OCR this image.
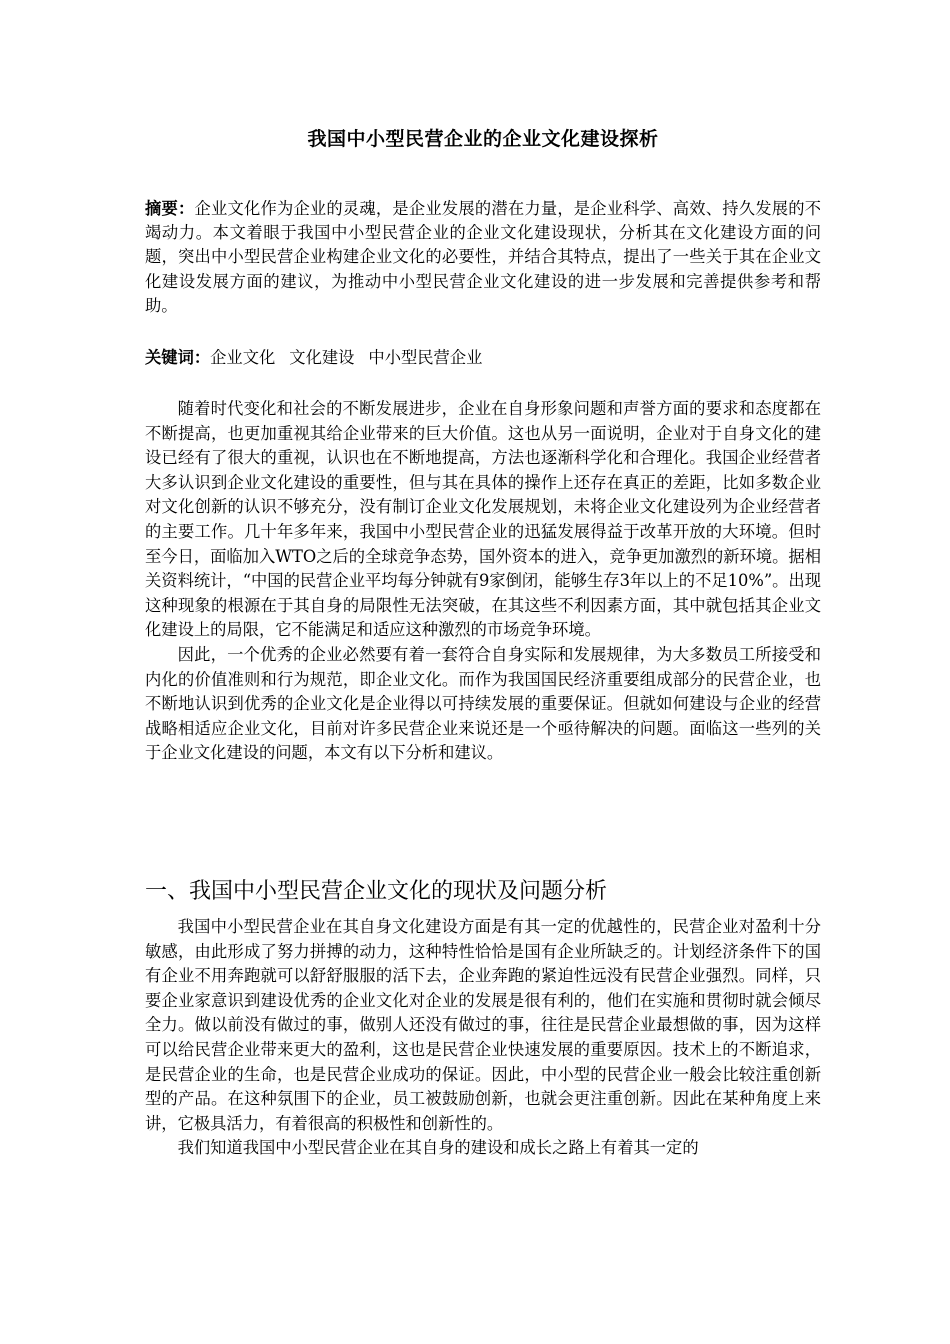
我国中小型民营企业的企业文化建设探析
摘要：企业文化作为企业的灵魂，是企业发展的潜在力量，是企业科学、高效、持久发展的不竭动力。本文着眼于我国中小型民营企业的企业文化建设现状，分析其在文化建设方面的问题，突出中小型民营企业构建企业文化的必要性，并结合其特点，提出了一些关于其在企业文化建设发展方面的建议，为推动中小型民营企业文化建设的进一步发展和完善提供参考和帮助。
关键词：企业文化 文化建设 中小型民营企业

随着时代变化和社会的不断发展进步，企业在自身形象问题和声誉方面的要求和态度都在不断提高，也更加重视其给企业带来的巨大价值。这也从另一面说明，企业对于自身文化的建设已经有了很大的重视，认识也在不断地提高，方法也逐渐科学化和合理化。我国企业经营者大多认识到企业文化建设的重要性，但与其在具体的操作上还存在真正的差距，比如多数企业对文化创新的认识不够充分，没有制订企业文化发展规划，未将企业文化建设列为企业经营者的主要工作。几十年多年来，我国中小型民营企业的迅猛发展得益于改革开放的大环境。但时至今日，面临加入WTO之后的全球竞争态势，国外资本的进入，竞争更加激烈的新环境。据相关资料统计，“中国的民营企业平均每分钟就有9家倒闭，能够生存3年以上的不足10%”。出现这种现象的根源在于其自身的局限性无法突破，在其这些不利因素方面，其中就包括其企业文化建设上的局限，它不能满足和适应这种激烈的市场竞争环境。

因此，一个优秀的企业必然要有着一套符合自身实际和发展规律，为大多数员工所接受和内化的价值准则和行为规范，即企业文化。而作为我国国民经济重要组成部分的民营企业，也不断地认识到优秀的企业文化是企业得以可持续发展的重要保证。但就如何建设与企业的经营战略相适应企业文化，目前对许多民营企业来说还是一个亟待解决的问题。面临这一些列的关于企业文化建设的问题，本文有以下分析和建议。

一、我国中小型民营企业文化的现状及问题分析

我国中小型民营企业在其自身文化建设方面是有其一定的优越性的，民营企业对盈利十分敏感，由此形成了努力拼搏的动力，这种特性恰恰是国有企业所缺乏的。计划经济条件下的国有企业不用奔跑就可以舒舒服服的活下去，企业奔跑的紧迫性远没有民营企业强烈。同样，只要企业家意识到建设优秀的企业文化对企业的发展是很有利的，他们在实施和贯彻时就会倾尽全力。做以前没有做过的事，做别人还没有做过的事，往往是民营企业最想做的事，因为这样可以给民营企业带来更大的盈利，这也是民营企业快速发展的重要原因。技术上的不断追求，是民营企业的生命，也是民营企业成功的保证。因此，中小型的民营企业一般会比较注重创新型的产品。在这种氛围下的企业，员工被鼓励创新，也就会更注重创新。因此在某种角度上来讲，它极具活力，有着很高的积极性和创新性的。

我们知道我国中小型民营企业在其自身的建设和成长之路上有着其一定的
